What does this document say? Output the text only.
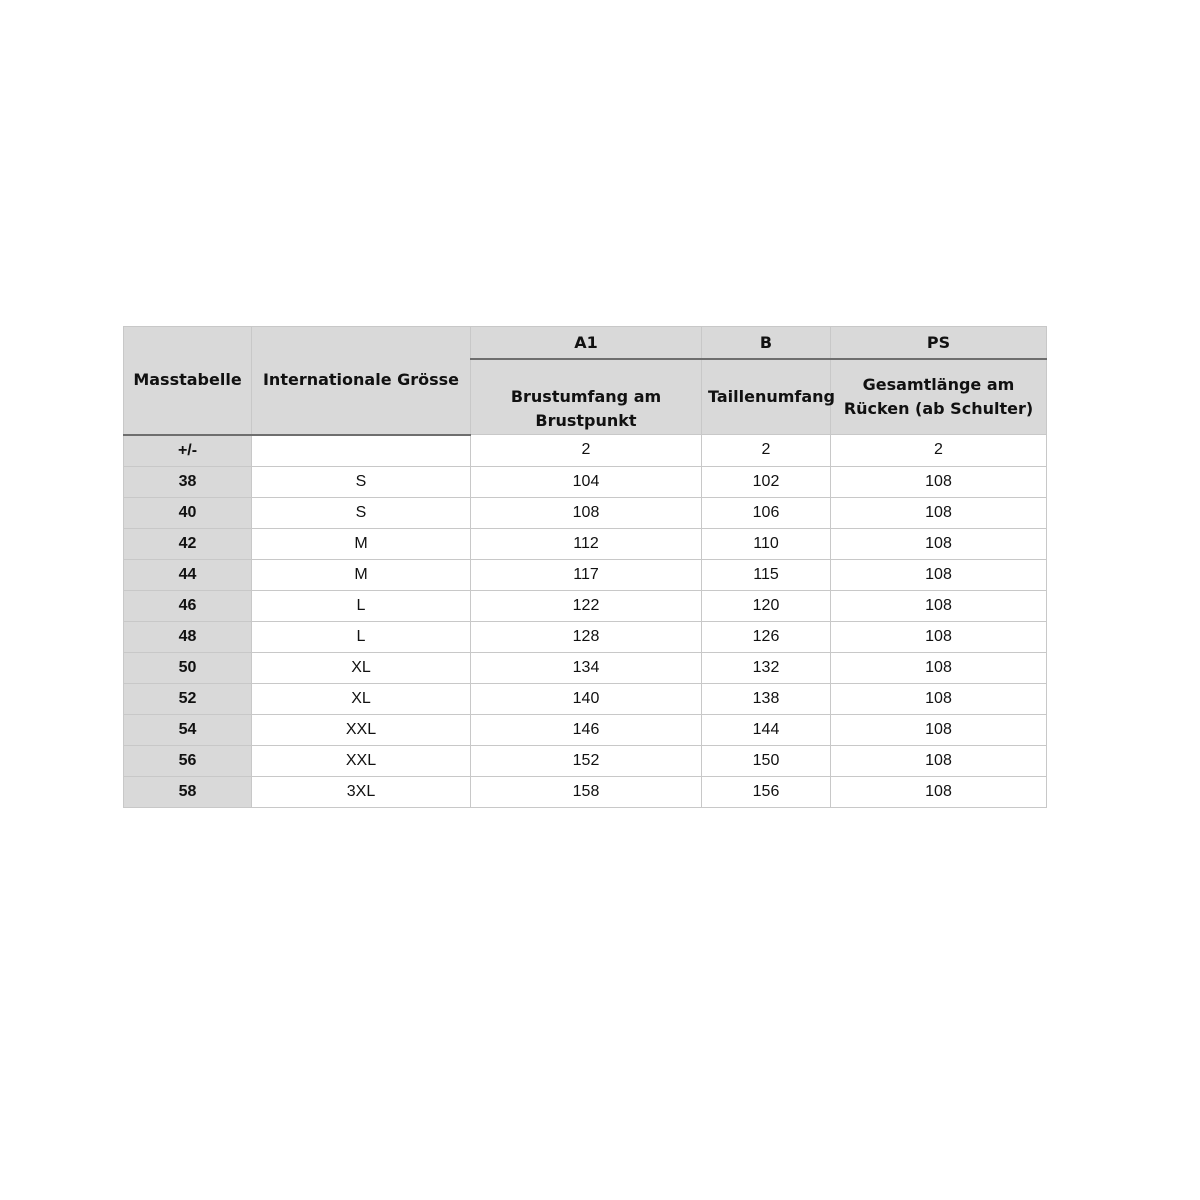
Masstabelle	Internationale Grösse	A1	B	PS
		Brustumfang am Brustpunkt	Taillenumfang	Gesamtlänge am Rücken (ab Schulter)
+/-		2	2	2
38	S	104	102	108
40	S	108	106	108
42	M	112	110	108
44	M	117	115	108
46	L	122	120	108
48	L	128	126	108
50	XL	134	132	108
52	XL	140	138	108
54	XXL	146	144	108
56	XXL	152	150	108
58	3XL	158	156	108
